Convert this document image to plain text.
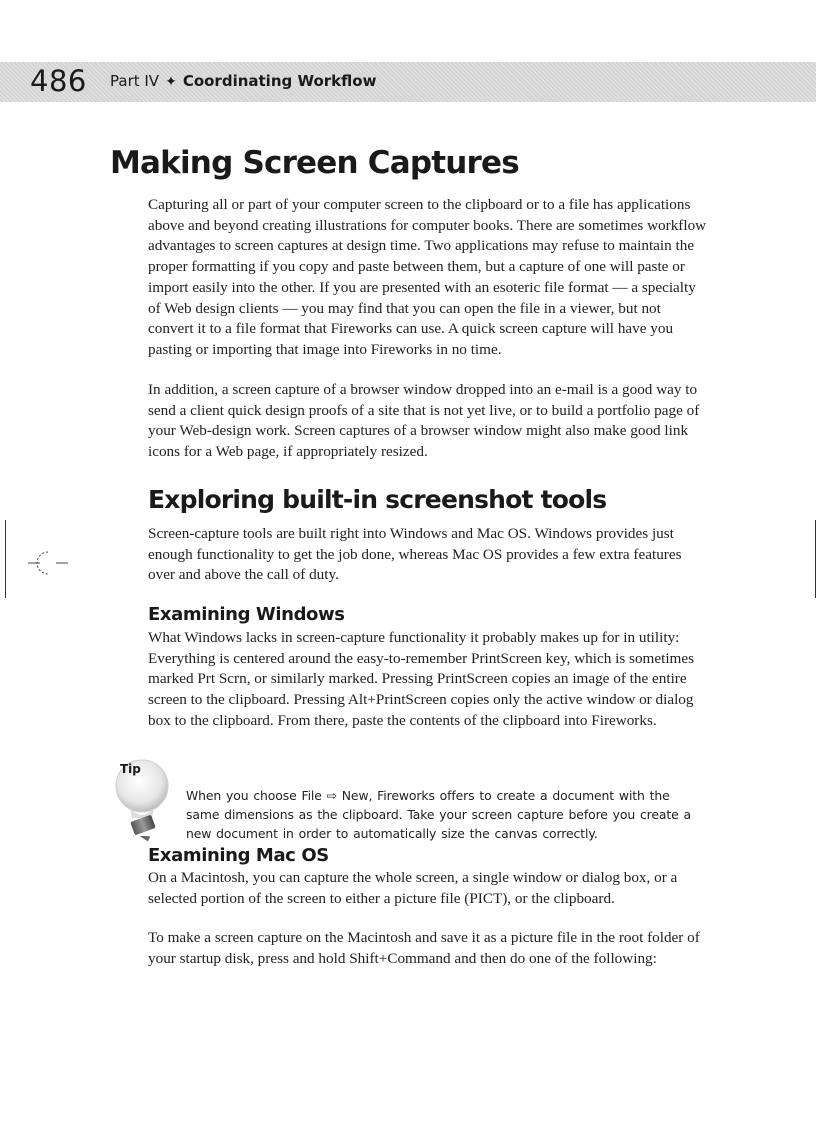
486 Part IV ✦ Coordinating Workflow
Making Screen Captures

Capturing all or part of your computer screen to the clipboard or to a file has applications above and beyond creating illustrations for computer books. There are sometimes workflow advantages to screen captures at design time. Two applications may refuse to maintain the proper formatting if you copy and paste between them, but a capture of one will paste or import easily into the other. If you are presented with an esoteric file format — a specialty of Web design clients — you may find that you can open the file in a viewer, but not convert it to a file format that Fireworks can use. A quick screen capture will have you pasting or importing that image into Fireworks in no time.

In addition, a screen capture of a browser window dropped into an e-mail is a good way to send a client quick design proofs of a site that is not yet live, or to build a portfolio page of your Web-design work. Screen captures of a browser window might also make good link icons for a Web page, if appropriately resized.

Exploring built-in screenshot tools

Screen-capture tools are built right into Windows and Mac OS. Windows provides just enough functionality to get the job done, whereas Mac OS provides a few extra features over and above the call of duty.

Examining Windows

What Windows lacks in screen-capture functionality it probably makes up for in utility: Everything is centered around the easy-to-remember PrintScreen key, which is sometimes marked Prt Scrn, or similarly marked. Pressing PrintScreen copies an image of the entire screen to the clipboard. Pressing Alt+PrintScreen copies only the active window or dialog box to the clipboard. From there, paste the contents of the clipboard into Fireworks.

Tip

When you choose File ⇨ New, Fireworks offers to create a document with the same dimensions as the clipboard. Take your screen capture before you create a new document in order to automatically size the canvas correctly.

Examining Mac OS

On a Macintosh, you can capture the whole screen, a single window or dialog box, or a selected portion of the screen to either a picture file (PICT), or the clipboard.

To make a screen capture on the Macintosh and save it as a picture file in the root folder of your startup disk, press and hold Shift+Command and then do one of the following:
